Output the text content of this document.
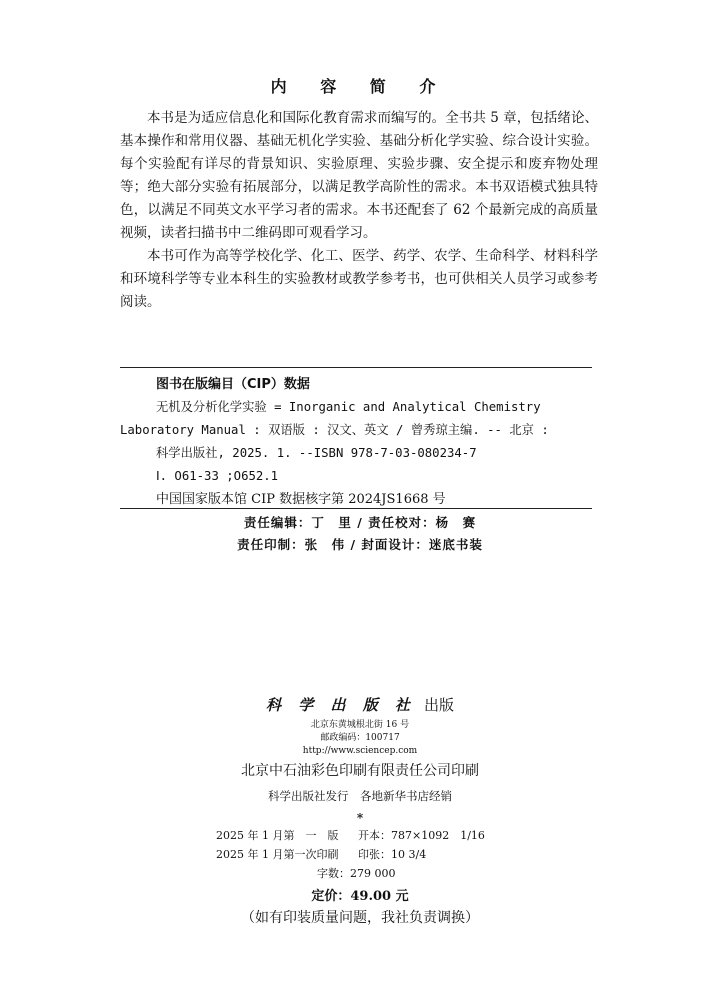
内 容 简 介

本书是为适应信息化和国际化教育需求而编写的。全书共 5 章，包括绪论、基本操作和常用仪器、基础无机化学实验、基础分析化学实验、综合设计实验。每个实验配有详尽的背景知识、实验原理、实验步骤、安全提示和废弃物处理等；绝大部分实验有拓展部分，以满足教学高阶性的需求。本书双语模式独具特色，以满足不同英文水平学习者的需求。本书还配套了 62 个最新完成的高质量视频，读者扫描书中二维码即可观看学习。

本书可作为高等学校化学、化工、医学、药学、农学、生命科学、材料科学和环境科学等专业本科生的实验教材或教学参考书，也可供相关人员学习或参考阅读。

图书在版编目（CIP）数据
无机及分析化学实验 = Inorganic and Analytical Chemistry
Laboratory Manual : 双语版 : 汉文、英文 / 曾秀琼主编. -- 北京 :
科学出版社, 2025. 1. --ISBN 978-7-03-080234-7
Ⅰ. O61-33 ;O652.1
中国国家版本馆 CIP 数据核字第 2024JS1668 号
责任编辑：丁　里 / 责任校对：杨　赛
责任印制：张　伟 / 封面设计：迷底书装
科 学 出 版 社 出版
北京东黄城根北街 16 号
邮政编码：100717
http://www.sciencep.com
北京中石油彩色印刷有限责任公司印刷
科学出版社发行　各地新华书店经销
*
2025 年 1 月第　一　版 开本：787×1092　1/16
2025 年 1 月第一次印刷 印张：10 3/4
字数：279 000
定价：49.00 元
（如有印装质量问题，我社负责调换）
